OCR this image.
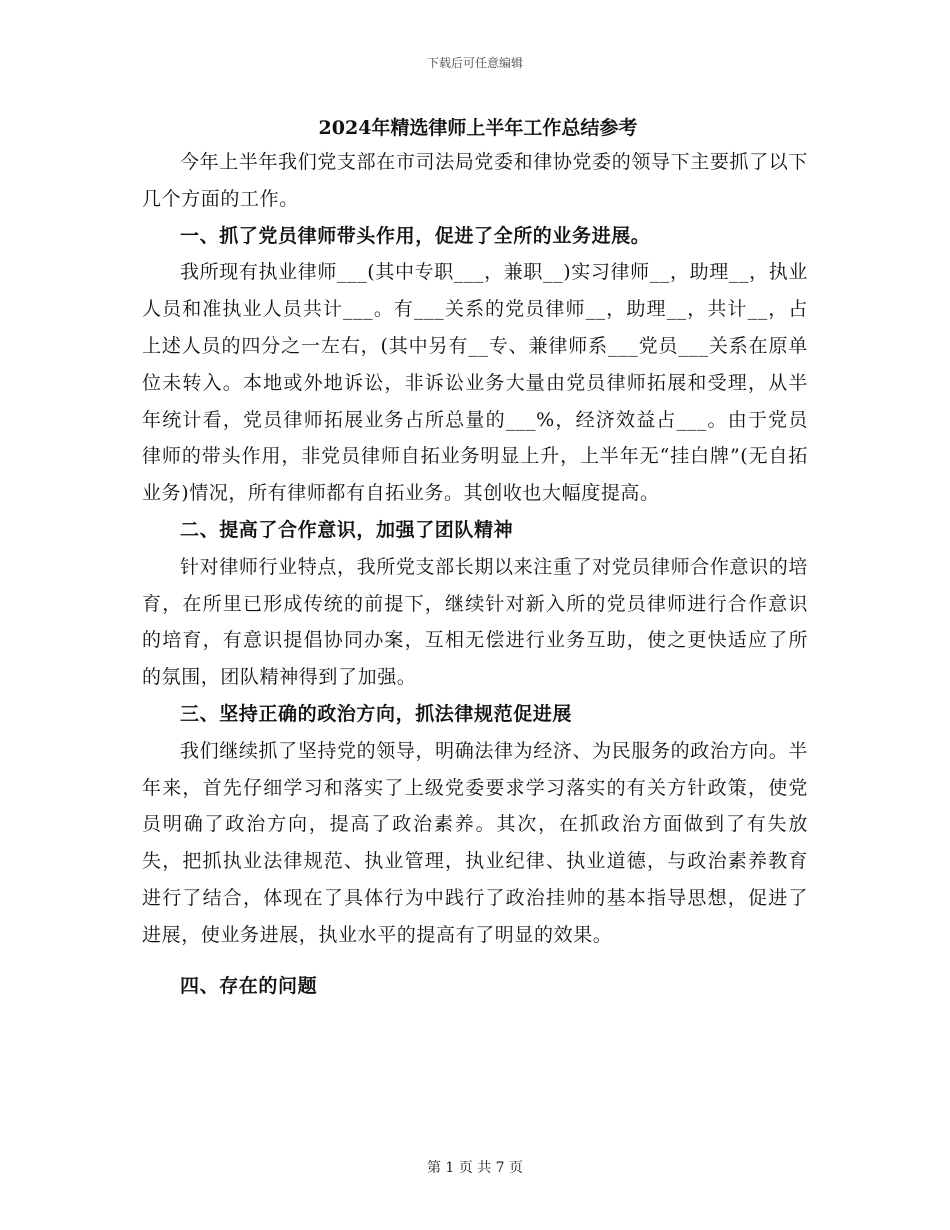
下载后可任意编辑

2024年精选律师上半年工作总结参考

今年上半年我们党支部在市司法局党委和律协党委的领导下主要抓了以下几个方面的工作。

一、抓了党员律师带头作用，促进了全所的业务进展。

我所现有执业律师___(其中专职___，兼职__)实习律师__，助理__，执业人员和准执业人员共计___。有___关系的党员律师__，助理__，共计__，占上述人员的四分之一左右，(其中另有__专、兼律师系___党员___关系在原单位未转入。本地或外地诉讼，非诉讼业务大量由党员律师拓展和受理，从半年统计看，党员律师拓展业务占所总量的___%，经济效益占___。由于党员律师的带头作用，非党员律师自拓业务明显上升，上半年无“挂白牌”(无自拓业务)情况，所有律师都有自拓业务。其创收也大幅度提高。

二、提高了合作意识，加强了团队精神

针对律师行业特点，我所党支部长期以来注重了对党员律师合作意识的培育，在所里已形成传统的前提下，继续针对新入所的党员律师进行合作意识的培育，有意识提倡协同办案，互相无偿进行业务互助，使之更快适应了所的氛围，团队精神得到了加强。

三、坚持正确的政治方向，抓法律规范促进展

我们继续抓了坚持党的领导，明确法律为经济、为民服务的政治方向。半年来，首先仔细学习和落实了上级党委要求学习落实的有关方针政策，使党员明确了政治方向，提高了政治素养。其次，在抓政治方面做到了有失放失，把抓执业法律规范、执业管理，执业纪律、执业道德，与政治素养教育进行了结合，体现在了具体行为中践行了政治挂帅的基本指导思想，促进了进展，使业务进展，执业水平的提高有了明显的效果。

四、存在的问题

第 1 页 共 7 页
